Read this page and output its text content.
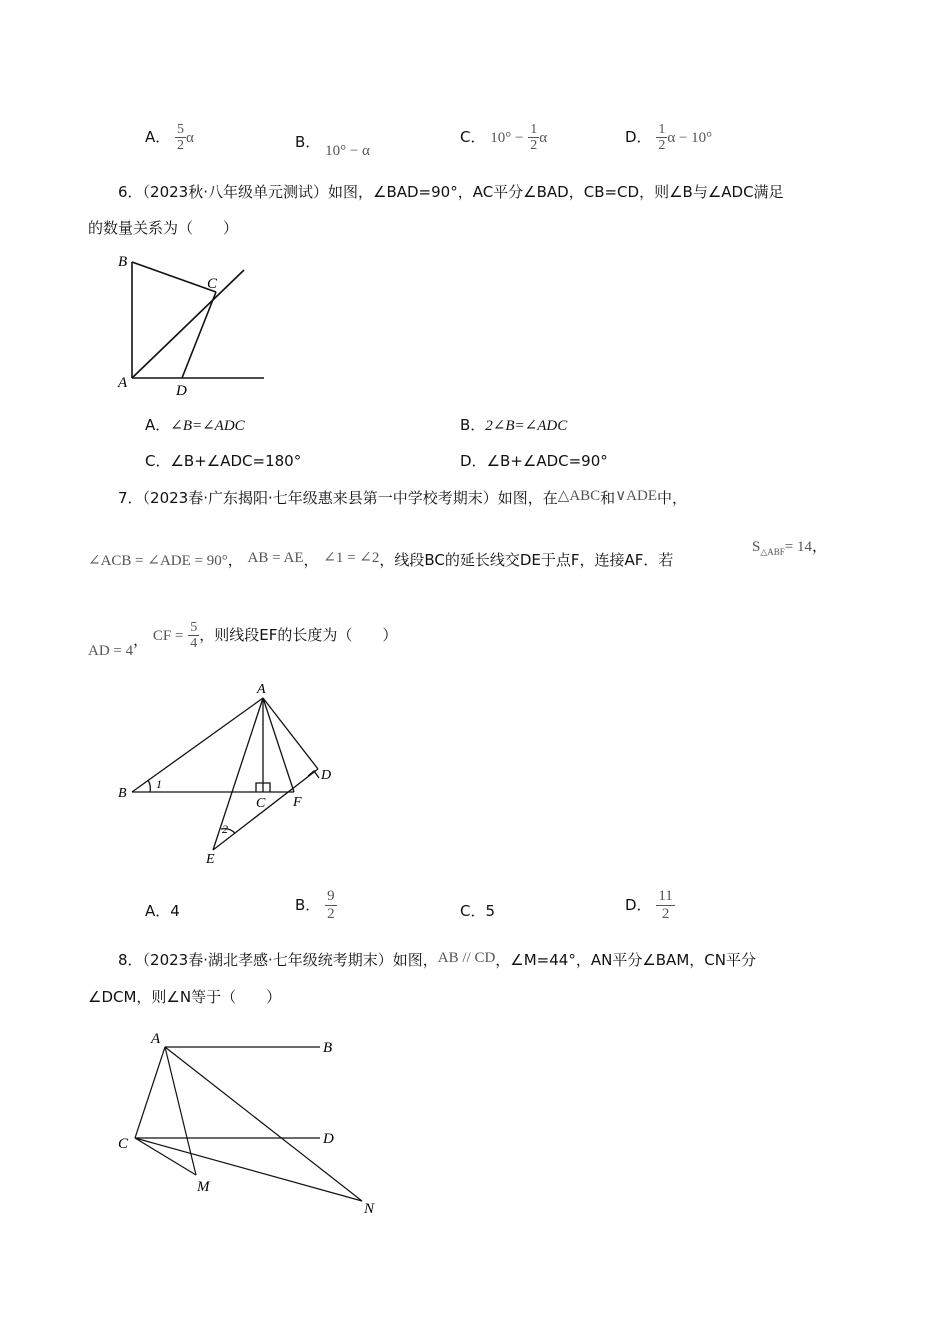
A． $\frac{5}{2}$ α	B． 10° − α
C． $10^\circ - \frac{1}{2}$ α	D． $\frac{1}{2}$ α − 10°
6．（2023秋·八年级单元测试）如图，∠BAD=90°，AC平分∠BAD，CB=CD，则∠B与∠ADC满足
的数量关系为（　　）
B
C
A	D
A．∠B=∠ADC	B．2∠B=∠ADC
C．∠B+∠ADC=180°	D．∠B+∠ADC=90°
7．（2023春·广东揭阳·七年级惠来县第一中学校考期末）如图，在△ABC和∨ADE中，
∠ACB = ∠ADE = 90°， AB = AE， ∠1 = ∠2，线段BC的延长线交DE于点F，连接AF．若
$S_{\triangle ABF}= 14$，
AD = 4， CF = $\frac{5}{4}$ ，则线段EF的长度为（　　）
A
B
C
D
E
F
1
2
A．4	B． $\frac{9}{2}$	C．5	D． $\frac{11}{2}$
8．（2023春·湖北孝感·七年级统考期末）如图，AB // CD，∠M=44°，AN平分∠BAM，CN平分
∠DCM，则∠N等于（　　）
A
B
C	D
M
N
